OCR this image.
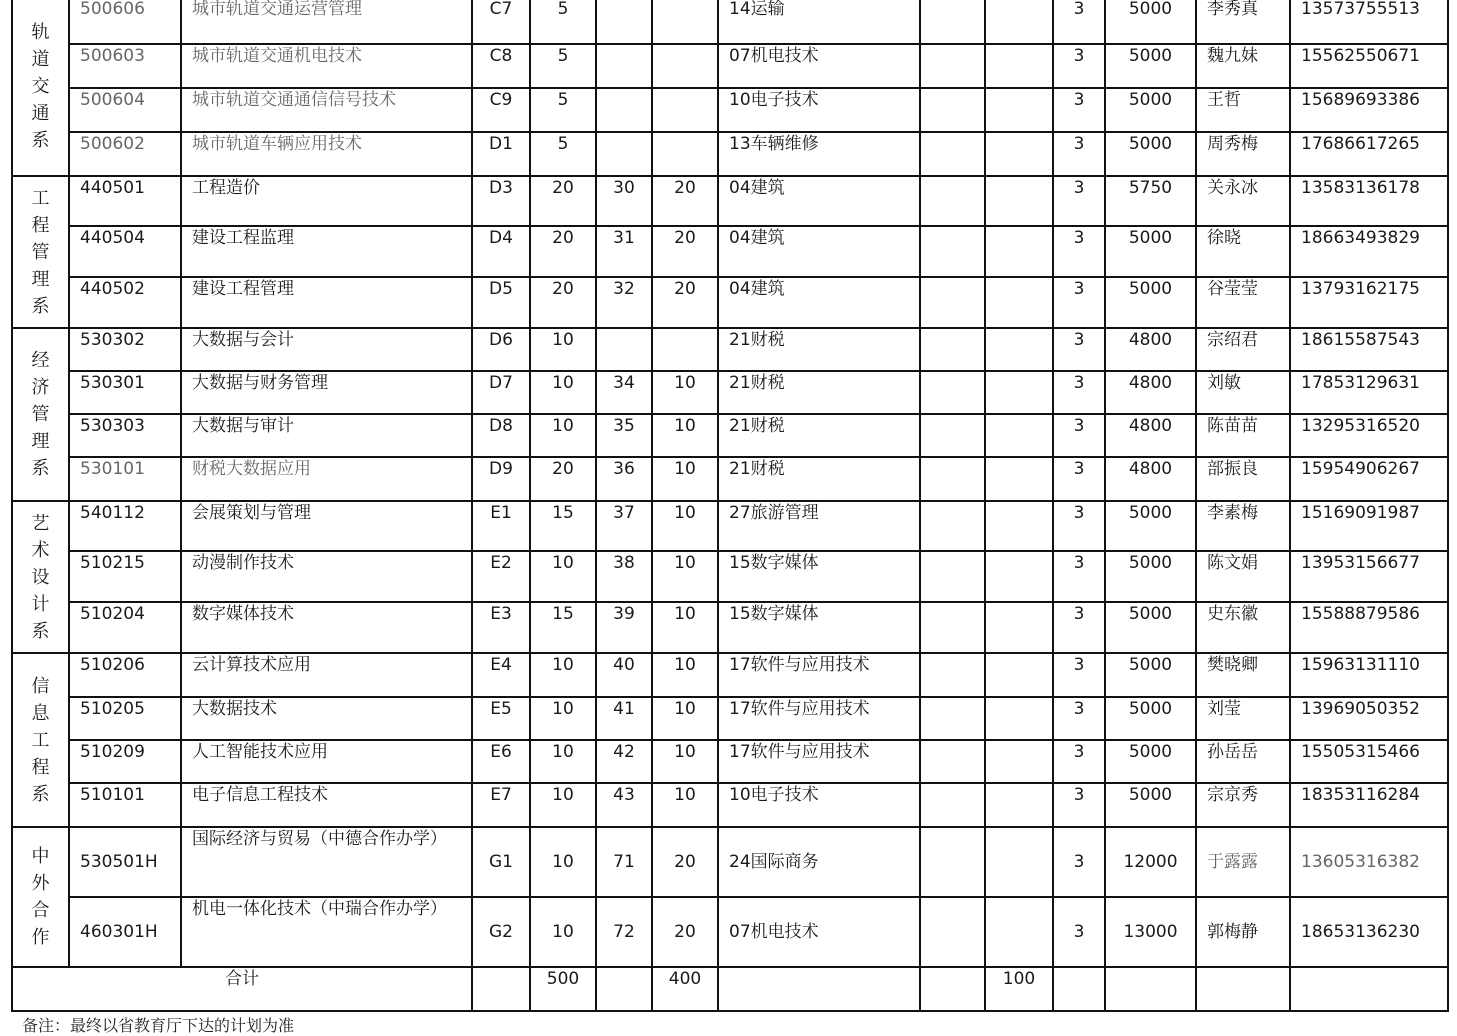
轨
道
交
通
系	500606	城市轨道交通运营管理	C7	5			14运输			3	5000	李秀真	13573755513
	500603	城市轨道交通机电技术	C8	5			07机电技术			3	5000	魏九妹	15562550671
	500604	城市轨道交通通信信号技术	C9	5			10电子技术			3	5000	王哲	15689693386
	500602	城市轨道车辆应用技术	D1	5			13车辆维修			3	5000	周秀梅	17686617265

工
程
管
理
系	440501	工程造价	D3	20	30	20	04建筑			3	5750	关永冰	13583136178
	440504	建设工程监理	D4	20	31	20	04建筑			3	5000	徐晓	18663493829
	440502	建设工程管理	D5	20	32	20	04建筑			3	5000	谷莹莹	13793162175

经
济
管
理
系	530302	大数据与会计	D6	10			21财税			3	4800	宗绍君	18615587543
	530301	大数据与财务管理	D7	10	34	10	21财税			3	4800	刘敏	17853129631
	530303	大数据与审计	D8	10	35	10	21财税			3	4800	陈苗苗	13295316520
	530101	财税大数据应用	D9	20	36	10	21财税			3	4800	部振良	15954906267

艺
术
设
计
系	540112	会展策划与管理	E1	15	37	10	27旅游管理			3	5000	李素梅	15169091987
	510215	动漫制作技术	E2	10	38	10	15数字媒体			3	5000	陈文娟	13953156677
	510204	数字媒体技术	E3	15	39	10	15数字媒体			3	5000	史东徽	15588879586

信
息
工
程
系	510206	云计算技术应用	E4	10	40	10	17软件与应用技术			3	5000	樊晓卿	15963131110
	510205	大数据技术	E5	10	41	10	17软件与应用技术			3	5000	刘莹	13969050352
	510209	人工智能技术应用	E6	10	42	10	17软件与应用技术			3	5000	孙岳岳	15505315466
	510101	电子信息工程技术	E7	10	43	10	10电子技术			3	5000	宗京秀	18353116284

中
外
合
作	530501H	国际经济与贸易（中德合作办学）	G1	10	71	20	24国际商务			3	12000	于露露	13605316382
	460301H	机电一体化技术（中瑞合作办学）	G2	10	72	20	07机电技术			3	13000	郭梅静	18653136230
合计				500		400			100				
备注：最终以省教育厅下达的计划为准
